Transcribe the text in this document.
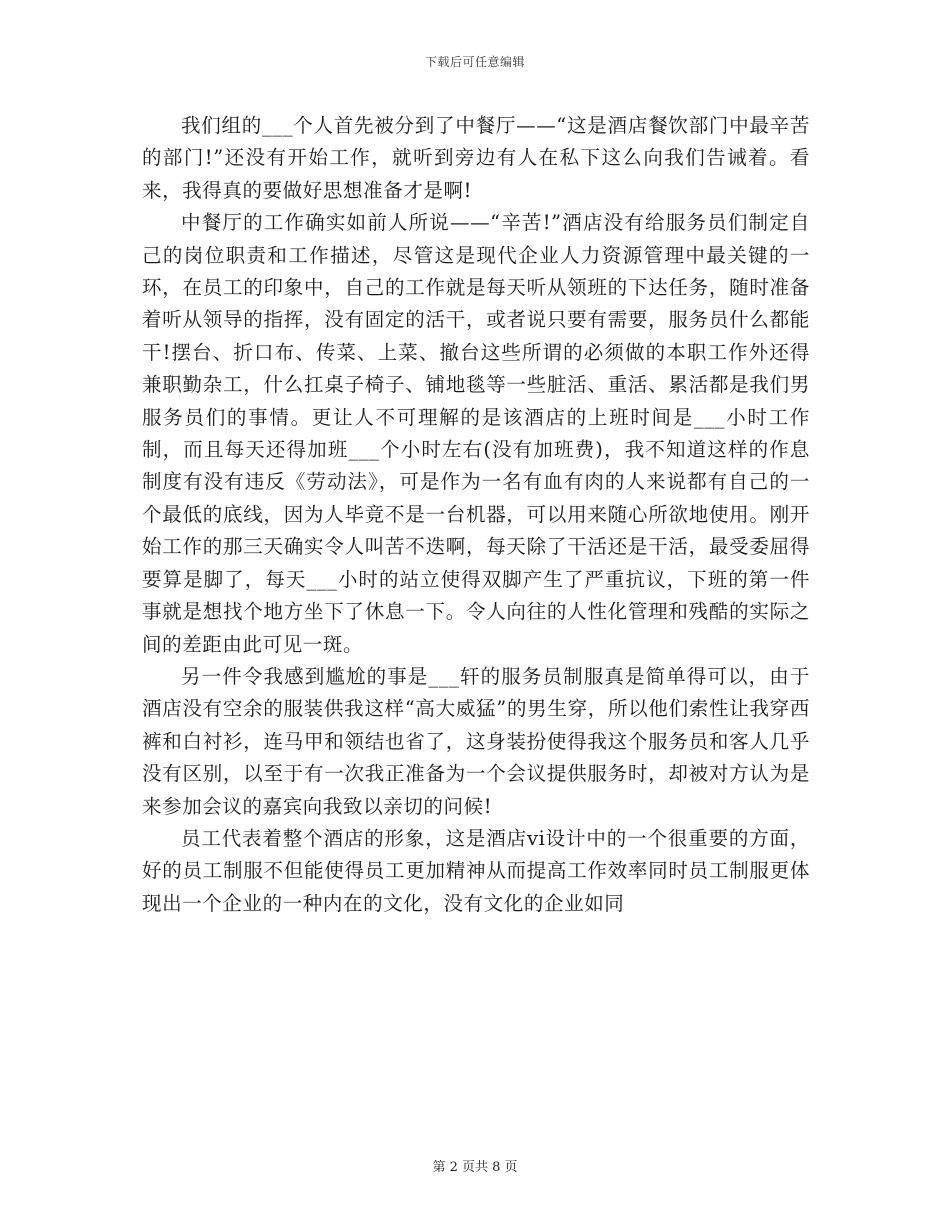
下载后可任意编辑

我们组的___个人首先被分到了中餐厅——“这是酒店餐饮部门中最辛苦的部门!”还没有开始工作，就听到旁边有人在私下这么向我们告诫着。看来，我得真的要做好思想准备才是啊!

中餐厅的工作确实如前人所说——“辛苦!”酒店没有给服务员们制定自己的岗位职责和工作描述，尽管这是现代企业人力资源管理中最关键的一环，在员工的印象中，自己的工作就是每天听从领班的下达任务，随时准备着听从领导的指挥，没有固定的活干，或者说只要有需要，服务员什么都能干!摆台、折口布、传菜、上菜、撤台这些所谓的必须做的本职工作外还得兼职勤杂工，什么扛桌子椅子、铺地毯等一些脏活、重活、累活都是我们男服务员们的事情。更让人不可理解的是该酒店的上班时间是___小时工作制，而且每天还得加班___个小时左右(没有加班费)，我不知道这样的作息制度有没有违反《劳动法》，可是作为一名有血有肉的人来说都有自己的一个最低的底线，因为人毕竟不是一台机器，可以用来随心所欲地使用。刚开始工作的那三天确实令人叫苦不迭啊，每天除了干活还是干活，最受委屈得要算是脚了，每天___小时的站立使得双脚产生了严重抗议，下班的第一件事就是想找个地方坐下了休息一下。令人向往的人性化管理和残酷的实际之间的差距由此可见一斑。

另一件令我感到尴尬的事是___轩的服务员制服真是简单得可以，由于酒店没有空余的服装供我这样“高大威猛”的男生穿，所以他们索性让我穿西裤和白衬衫，连马甲和领结也省了，这身装扮使得我这个服务员和客人几乎没有区别，以至于有一次我正准备为一个会议提供服务时，却被对方认为是来参加会议的嘉宾向我致以亲切的问候!

员工代表着整个酒店的形象，这是酒店vi设计中的一个很重要的方面，好的员工制服不但能使得员工更加精神从而提高工作效率同时员工制服更体现出一个企业的一种内在的文化，没有文化的企业如同

第 2 页共 8 页
